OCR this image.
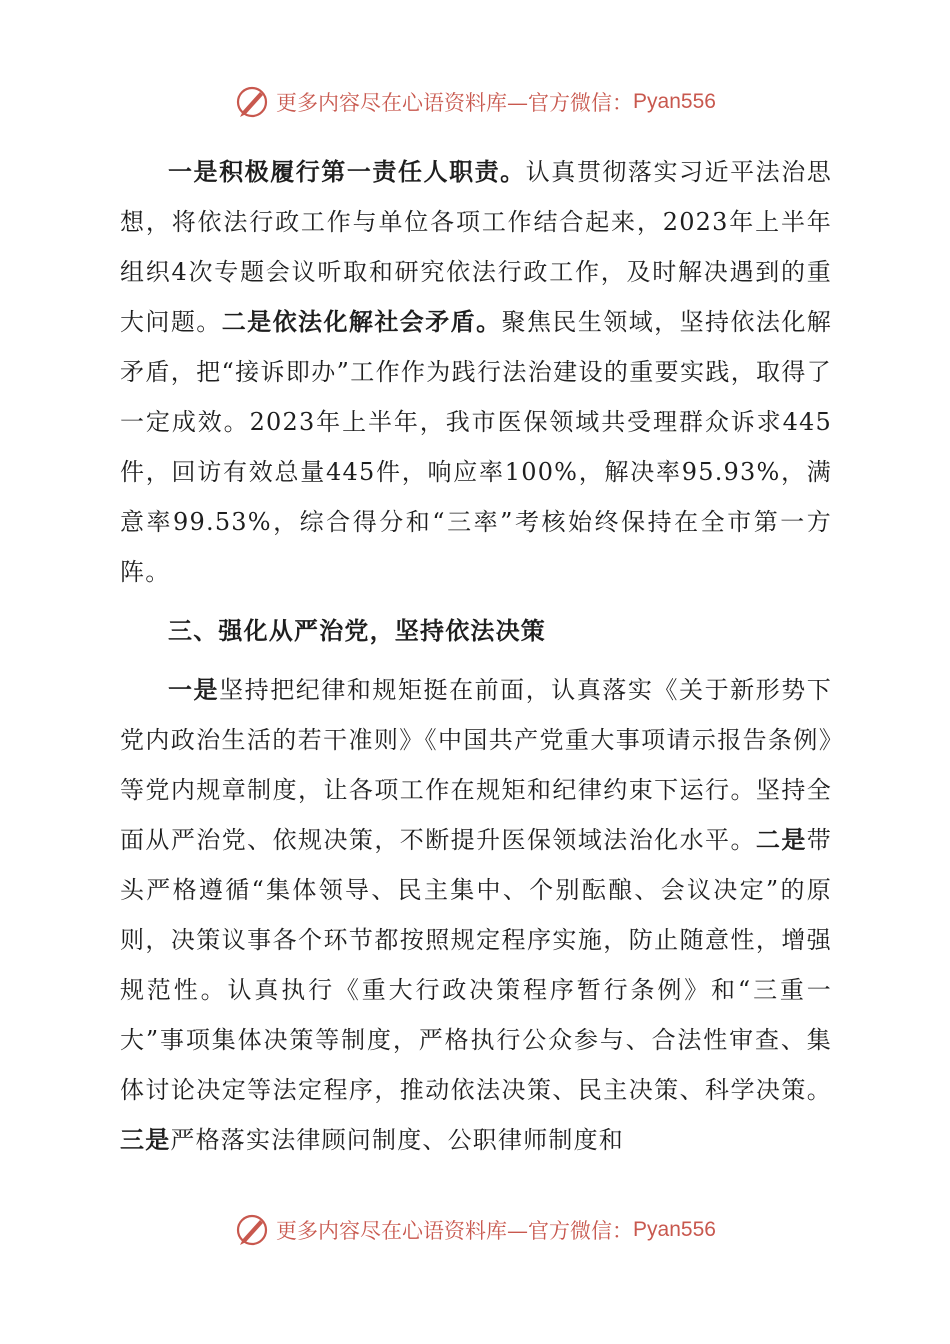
更多内容尽在心语资料库—官方微信： Pyan556

一是积极履行第一责任人职责。认真贯彻落实习近平法治思想，将依法行政工作与单位各项工作结合起来，2023年上半年组织4次专题会议听取和研究依法行政工作，及时解决遇到的重大问题。二是依法化解社会矛盾。聚焦民生领域，坚持依法化解矛盾，把“接诉即办”工作作为践行法治建设的重要实践，取得了一定成效。2023年上半年，我市医保领域共受理群众诉求445件，回访有效总量445件，响应率100%，解决率95.93%，满意率99.53%，综合得分和“三率”考核始终保持在全市第一方阵。

三、强化从严治党，坚持依法决策

一是坚持把纪律和规矩挺在前面，认真落实《关于新形势下党内政治生活的若干准则》《中国共产党重大事项请示报告条例》等党内规章制度，让各项工作在规矩和纪律约束下运行。坚持全面从严治党、依规决策，不断提升医保领域法治化水平。二是带头严格遵循“集体领导、民主集中、个别酝酿、会议决定”的原则，决策议事各个环节都按照规定程序实施，防止随意性，增强规范性。认真执行《重大行政决策程序暂行条例》和“三重一大”事项集体决策等制度，严格执行公众参与、合法性审查、集体讨论决定等法定程序，推动依法决策、民主决策、科学决策。三是严格落实法律顾问制度、公职律师制度和

更多内容尽在心语资料库—官方微信： Pyan556
